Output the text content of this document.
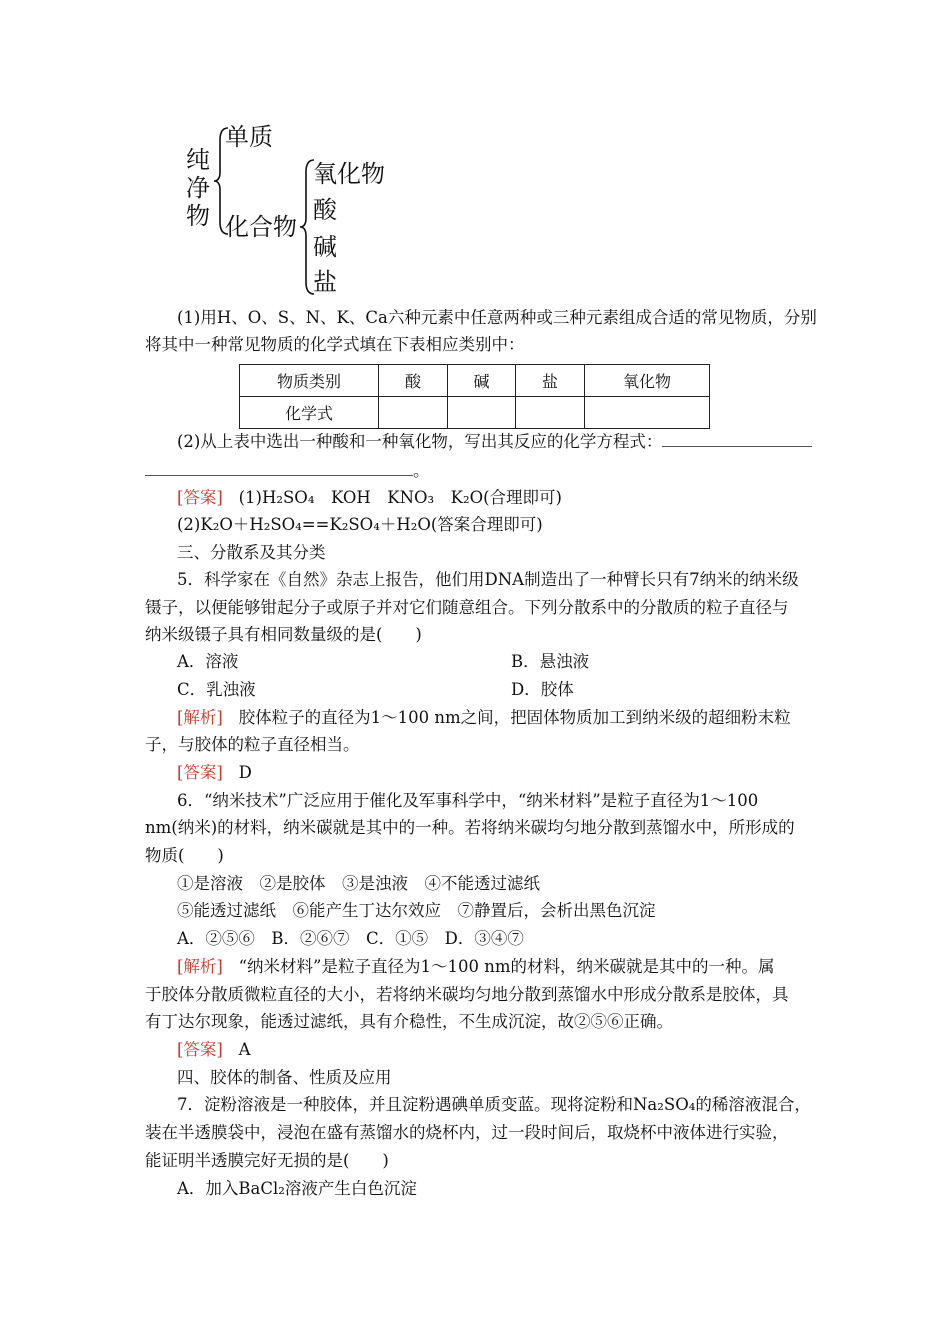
纯净物
单质
化合物
氧化物
酸
碱
盐
(1)用H、O、S、N、K、Ca六种元素中任意两种或三种元素组成合适的常见物质，分别
将其中一种常见物质的化学式填在下表相应类别中：
物质类别	酸	碱	盐	氧化物
化学式				
(2)从上表中选出一种酸和一种氧化物，写出其反应的化学方程式：
。
[答案] (1)H₂SO₄　KOH　KNO₃　K₂O(合理即可)
(2)K₂O＋H₂SO₄==K₂SO₄＋H₂O(答案合理即可)
三、分散系及其分类
5．科学家在《自然》杂志上报告，他们用DNA制造出了一种臂长只有7纳米的纳米级
镊子，以便能够钳起分子或原子并对它们随意组合。下列分散系中的分散质的粒子直径与
纳米级镊子具有相同数量级的是(　　)
A．溶液	B．悬浊液
C．乳浊液	D．胶体
[解析] 胶体粒子的直径为1～100 nm之间，把固体物质加工到纳米级的超细粉末粒
子，与胶体的粒子直径相当。
[答案] D
6．“纳米技术”广泛应用于催化及军事科学中，“纳米材料”是粒子直径为1～100
nm(纳米)的材料，纳米碳就是其中的一种。若将纳米碳均匀地分散到蒸馏水中，所形成的
物质(　　)
①是溶液　②是胶体　③是浊液　④不能透过滤纸
⑤能透过滤纸　⑥能产生丁达尔效应　⑦静置后，会析出黑色沉淀
A．②⑤⑥　B．②⑥⑦　C．①⑤　D．③④⑦
[解析] “纳米材料”是粒子直径为1～100 nm的材料，纳米碳就是其中的一种。属
于胶体分散质微粒直径的大小，若将纳米碳均匀地分散到蒸馏水中形成分散系是胶体，具
有丁达尔现象，能透过滤纸，具有介稳性，不生成沉淀，故②⑤⑥正确。
[答案] A
四、胶体的制备、性质及应用
7．淀粉溶液是一种胶体，并且淀粉遇碘单质变蓝。现将淀粉和Na₂SO₄的稀溶液混合，
装在半透膜袋中，浸泡在盛有蒸馏水的烧杯内，过一段时间后，取烧杯中液体进行实验，
能证明半透膜完好无损的是(　　)
A．加入BaCl₂溶液产生白色沉淀
